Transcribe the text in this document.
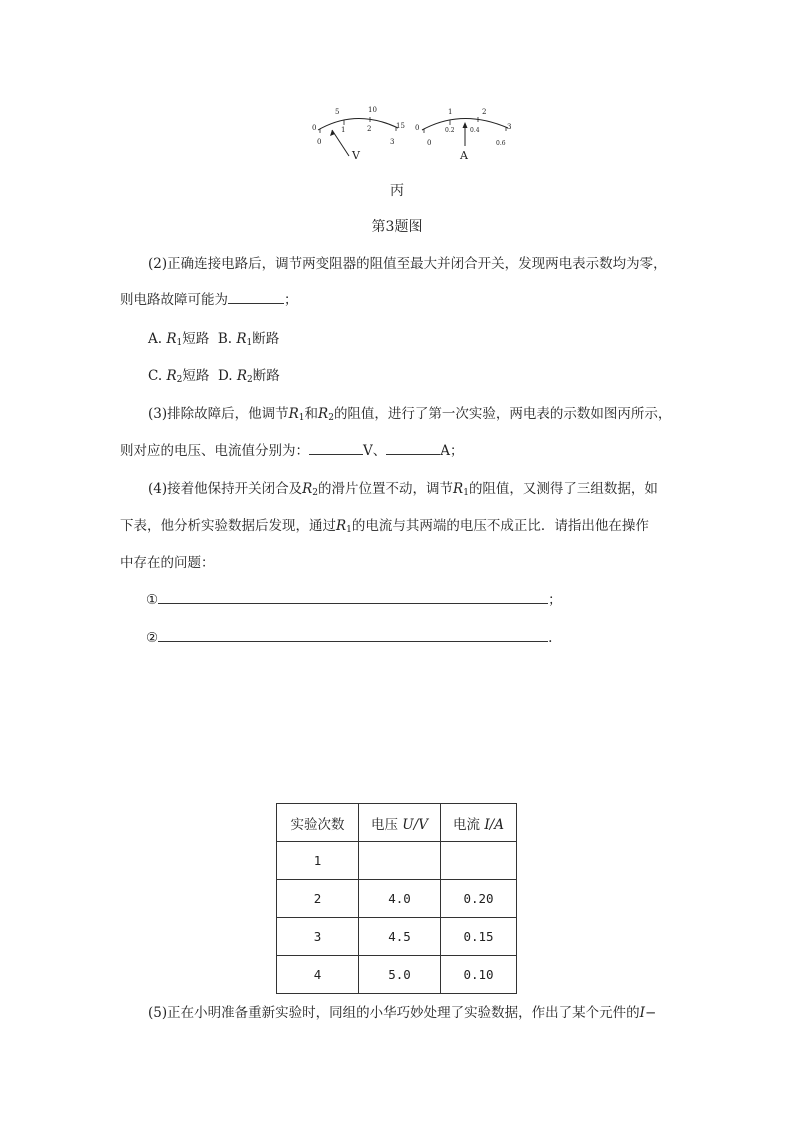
0
5	10
15
0
1	2
3
V
0
1	2
3
0
0.2	0.4
0.6
A
丙
第3题图
(2)正确连接电路后，调节两变阻器的阻值至最大并闭合开关，发现两电表示数均为零，
则电路故障可能为	；
A. $R_1$短路 B. $R_1$断路
C. $R_2$短路 D. $R_2$断路
(3)排除故障后，他调节$R_1$和$R_2$的阻值，进行了第一次实验，两电表的示数如图丙所示，
则对应的电压、电流值分别为：	V、	A；
(4)接着他保持开关闭合及$R_2$的滑片位置不动，调节$R_1$的阻值，又测得了三组数据，如
下表，他分析实验数据后发现，通过$R_1$的电流与其两端的电压不成正比．请指出他在操作
中存在的问题：
①	；
②	.
实验次数	电压 U/V	电流 I/A
1		
2	4.0	0.20
3	4.5	0.15
4	5.0	0.10
(5)正在小明准备重新实验时，同组的小华巧妙处理了实验数据，作出了某个元件的I−
